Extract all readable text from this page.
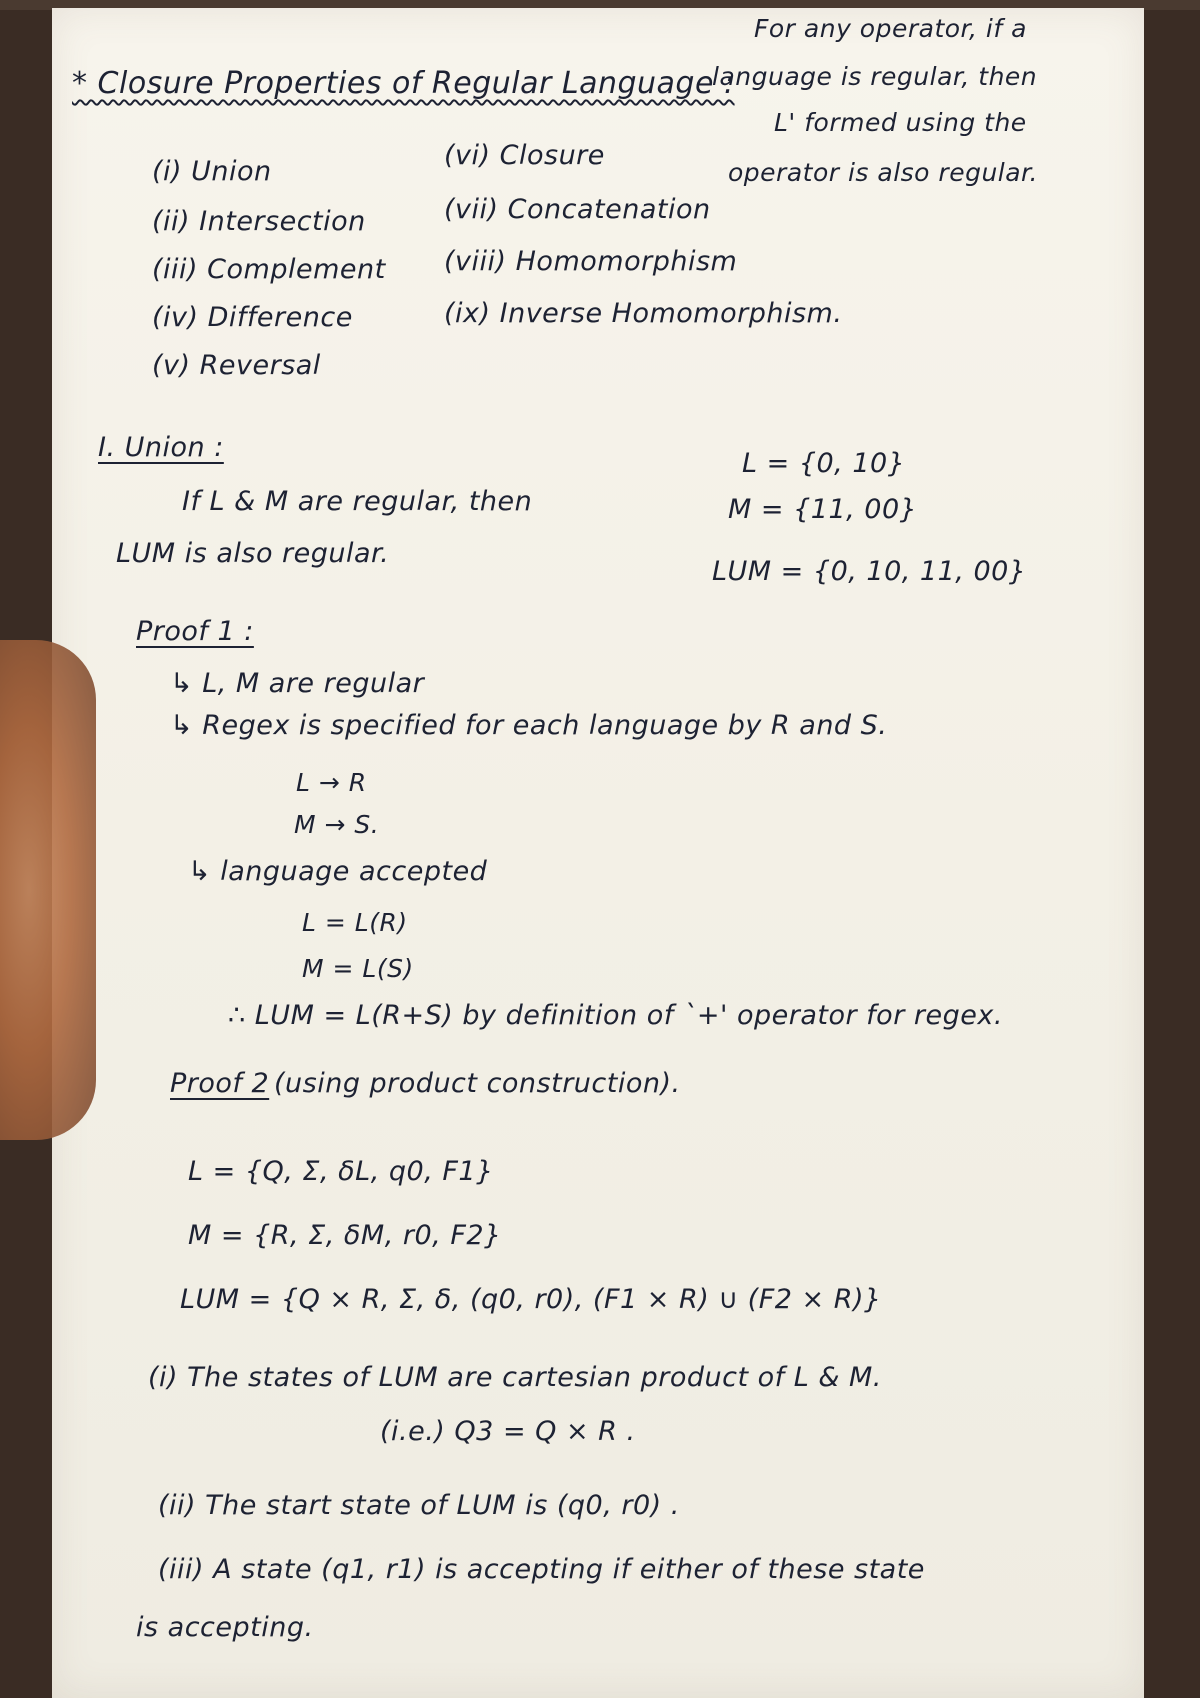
For any operator, if a
language is regular, then
L' formed using the
operator is also regular.
* Closure Properties of Regular Language :
(i) Union
(ii) Intersection
(iii) Complement
(iv) Difference
(v) Reversal
(vi) Closure
(vii) Concatenation
(viii) Homomorphism
(ix) Inverse Homomorphism.
I. Union :
If L & M are regular, then
LUM is also regular.
L = {0, 10}
M = {11, 00}
LUM = {0, 10, 11, 00}
Proof 1 :
↳ L, M are regular
↳ Regex is specified for each language by R and S.
L → R
M → S.
↳ language accepted
L = L(R)
M = L(S)
∴ LUM = L(R+S) by definition of `+' operator for regex.
Proof 2 (using product construction).
L = {Q, Σ, δL, q0, F1}
M = {R, Σ, δM, r0, F2}
LUM = {Q × R, Σ, δ, (q0, r0), (F1 × R) ∪ (F2 × R)}
(i) The states of LUM are cartesian product of L & M.
(i.e.) Q3 = Q × R .
(ii) The start state of LUM is (q0, r0) .
(iii) A state (q1, r1) is accepting if either of these state
is accepting.
